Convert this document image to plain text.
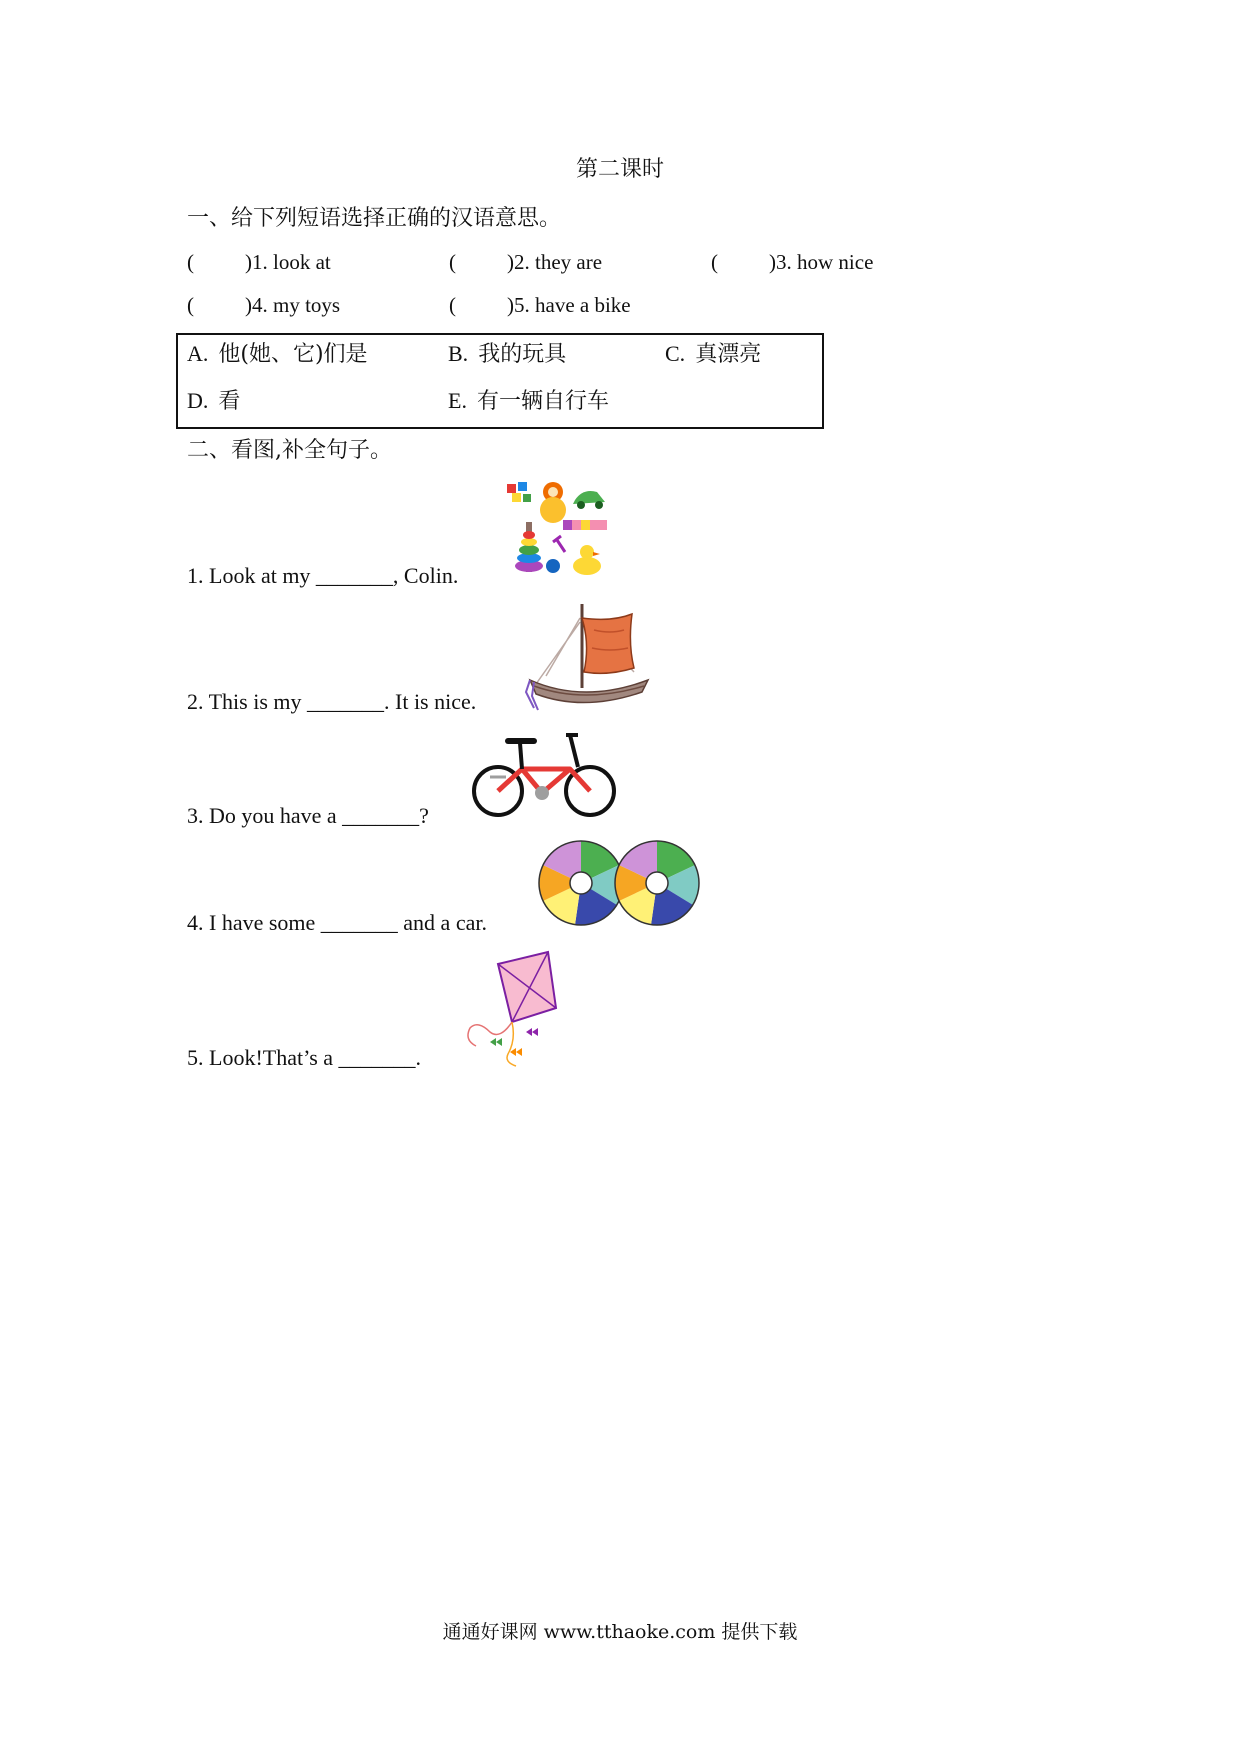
第二课时
一、给下列短语选择正确的汉语意思。
( )1. look at	( )2. they are	( )3. how nice
( )4. my toys	( )5. have a bike
A. 他(她、它)们是	B. 我的玩具	C. 真漂亮
D. 看	E. 有一辆自行车
二、看图,补全句子。
1. Look at my _______, Colin.
2. This is my _______. It is nice.
3. Do you have a _______?
4. I have some _______ and a car.
5. Look!That’s a _______.
通通好课网 www.tthaoke.com 提供下载
